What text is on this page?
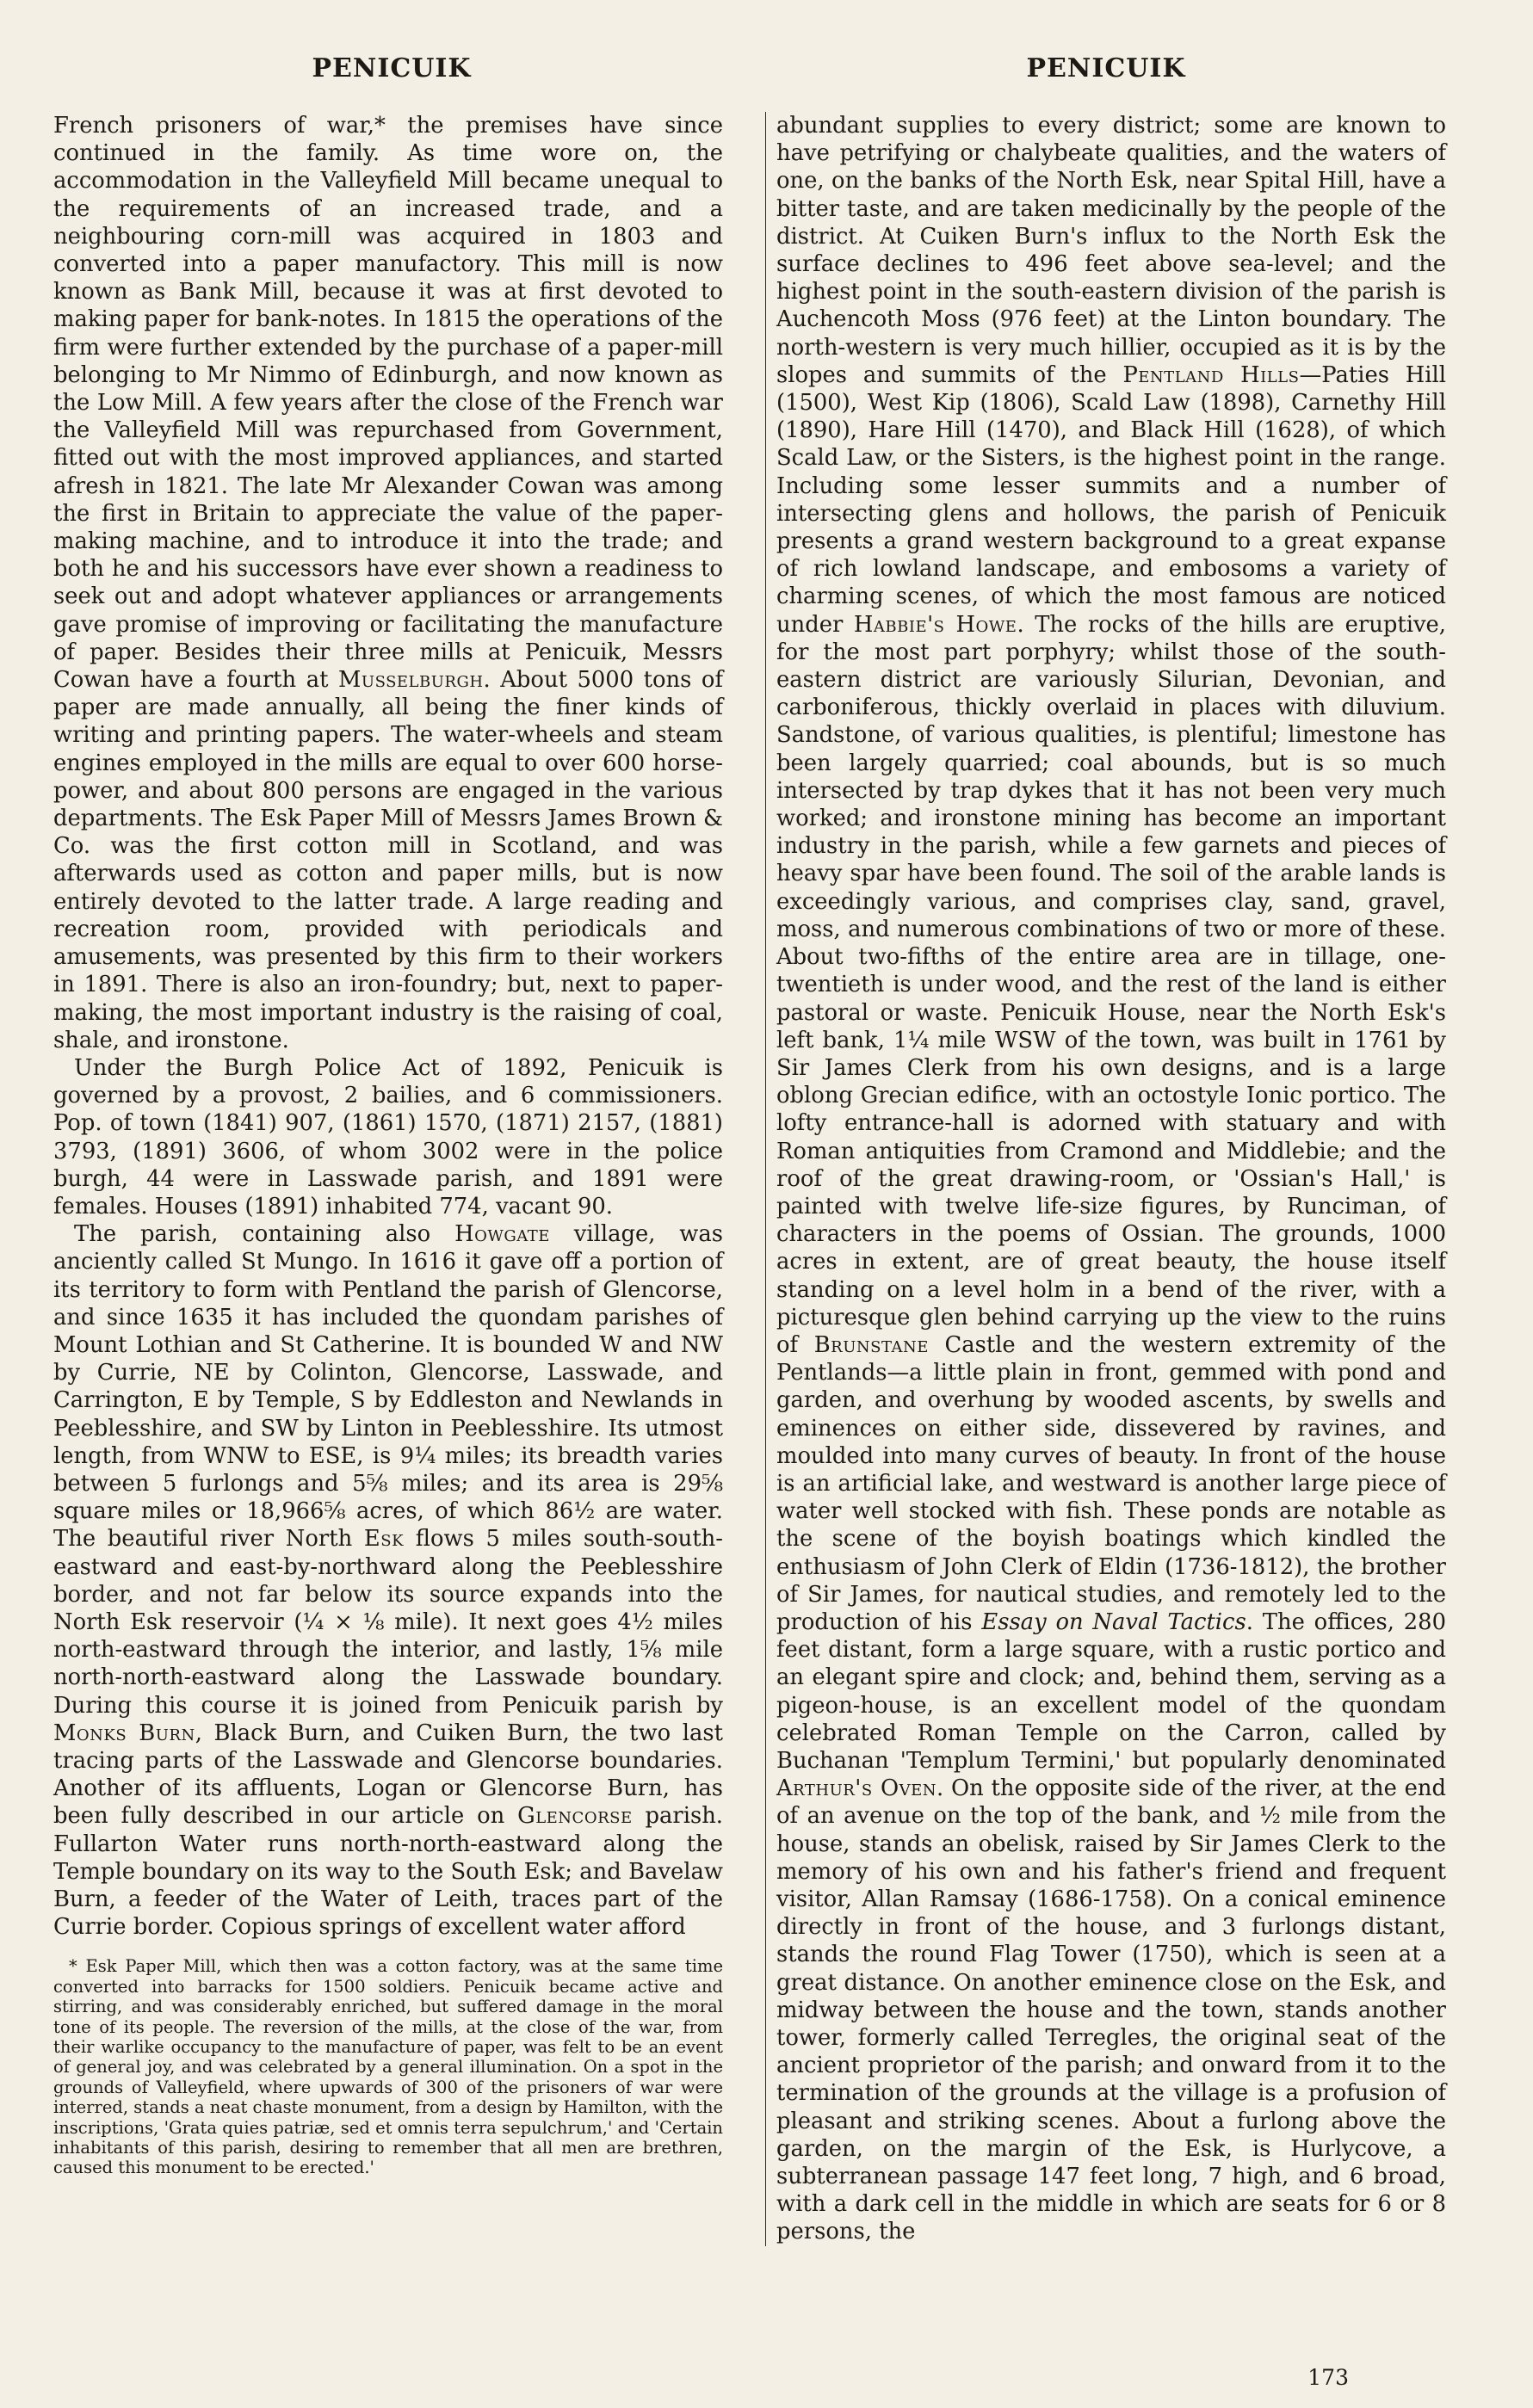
PENICUIK	PENICUIK

French prisoners of war,* the premises have since continued in the family. As time wore on, the accommodation in the Valleyfield Mill became unequal to the requirements of an increased trade, and a neighbouring corn-mill was acquired in 1803 and converted into a paper manufactory. This mill is now known as Bank Mill, because it was at first devoted to making paper for bank-notes. In 1815 the operations of the firm were further extended by the purchase of a paper-mill belonging to Mr Nimmo of Edinburgh, and now known as the Low Mill. A few years after the close of the French war the Valleyfield Mill was repurchased from Government, fitted out with the most improved appliances, and started afresh in 1821. The late Mr Alexander Cowan was among the first in Britain to appreciate the value of the paper-making machine, and to introduce it into the trade; and both he and his successors have ever shown a readiness to seek out and adopt whatever appliances or arrangements gave promise of improving or facilitating the manufacture of paper. Besides their three mills at Penicuik, Messrs Cowan have a fourth at Musselburgh. About 5000 tons of paper are made annually, all being the finer kinds of writing and printing papers. The water-wheels and steam engines employed in the mills are equal to over 600 horse-power, and about 800 persons are engaged in the various departments. The Esk Paper Mill of Messrs James Brown & Co. was the first cotton mill in Scotland, and was afterwards used as cotton and paper mills, but is now entirely devoted to the latter trade. A large reading and recreation room, provided with periodicals and amusements, was presented by this firm to their workers in 1891. There is also an iron-foundry; but, next to paper-making, the most important industry is the raising of coal, shale, and ironstone.

Under the Burgh Police Act of 1892, Penicuik is governed by a provost, 2 bailies, and 6 commissioners. Pop. of town (1841) 907, (1861) 1570, (1871) 2157, (1881) 3793, (1891) 3606, of whom 3002 were in the police burgh, 44 were in Lasswade parish, and 1891 were females. Houses (1891) inhabited 774, vacant 90.

The parish, containing also Howgate village, was anciently called St Mungo. In 1616 it gave off a portion of its territory to form with Pentland the parish of Glencorse, and since 1635 it has included the quondam parishes of Mount Lothian and St Catherine. It is bounded W and NW by Currie, NE by Colinton, Glencorse, Lasswade, and Carrington, E by Temple, S by Eddleston and Newlands in Peeblesshire, and SW by Linton in Peeblesshire. Its utmost length, from WNW to ESE, is 9¼ miles; its breadth varies between 5 furlongs and 5⅝ miles; and its area is 29⅝ square miles or 18,966⅝ acres, of which 86½ are water. The beautiful river North Esk flows 5 miles south-south-eastward and east-by-northward along the Peeblesshire border, and not far below its source expands into the North Esk reservoir (¼ × ⅛ mile). It next goes 4½ miles north-eastward through the interior, and lastly, 1⅝ mile north-north-eastward along the Lasswade boundary. During this course it is joined from Penicuik parish by Monks Burn, Black Burn, and Cuiken Burn, the two last tracing parts of the Lasswade and Glencorse boundaries. Another of its affluents, Logan or Glencorse Burn, has been fully described in our article on Glencorse parish. Fullarton Water runs north-north-eastward along the Temple boundary on its way to the South Esk; and Bavelaw Burn, a feeder of the Water of Leith, traces part of the Currie border. Copious springs of excellent water afford

* Esk Paper Mill, which then was a cotton factory, was at the same time converted into barracks for 1500 soldiers. Penicuik became active and stirring, and was considerably enriched, but suffered damage in the moral tone of its people. The reversion of the mills, at the close of the war, from their warlike occupancy to the manufacture of paper, was felt to be an event of general joy, and was celebrated by a general illumination. On a spot in the grounds of Valleyfield, where upwards of 300 of the prisoners of war were interred, stands a neat chaste monument, from a design by Hamilton, with the inscriptions, 'Grata quies patriæ, sed et omnis terra sepulchrum,' and 'Certain inhabitants of this parish, desiring to remember that all men are brethren, caused this monument to be erected.'

abundant supplies to every district; some are known to have petrifying or chalybeate qualities, and the waters of one, on the banks of the North Esk, near Spital Hill, have a bitter taste, and are taken medicinally by the people of the district. At Cuiken Burn's influx to the North Esk the surface declines to 496 feet above sea-level; and the highest point in the south-eastern division of the parish is Auchencoth Moss (976 feet) at the Linton boundary. The north-western is very much hillier, occupied as it is by the slopes and summits of the Pentland Hills—Paties Hill (1500), West Kip (1806), Scald Law (1898), Carnethy Hill (1890), Hare Hill (1470), and Black Hill (1628), of which Scald Law, or the Sisters, is the highest point in the range. Including some lesser summits and a number of intersecting glens and hollows, the parish of Penicuik presents a grand western background to a great expanse of rich lowland landscape, and embosoms a variety of charming scenes, of which the most famous are noticed under Habbie's Howe. The rocks of the hills are eruptive, for the most part porphyry; whilst those of the south-eastern district are variously Silurian, Devonian, and carboniferous, thickly overlaid in places with diluvium. Sandstone, of various qualities, is plentiful; limestone has been largely quarried; coal abounds, but is so much intersected by trap dykes that it has not been very much worked; and ironstone mining has become an important industry in the parish, while a few garnets and pieces of heavy spar have been found. The soil of the arable lands is exceedingly various, and comprises clay, sand, gravel, moss, and numerous combinations of two or more of these. About two-fifths of the entire area are in tillage, one-twentieth is under wood, and the rest of the land is either pastoral or waste. Penicuik House, near the North Esk's left bank, 1¼ mile WSW of the town, was built in 1761 by Sir James Clerk from his own designs, and is a large oblong Grecian edifice, with an octostyle Ionic portico. The lofty entrance-hall is adorned with statuary and with Roman antiquities from Cramond and Middlebie; and the roof of the great drawing-room, or 'Ossian's Hall,' is painted with twelve life-size figures, by Runciman, of characters in the poems of Ossian. The grounds, 1000 acres in extent, are of great beauty, the house itself standing on a level holm in a bend of the river, with a picturesque glen behind carrying up the view to the ruins of Brunstane Castle and the western extremity of the Pentlands—a little plain in front, gemmed with pond and garden, and overhung by wooded ascents, by swells and eminences on either side, dissevered by ravines, and moulded into many curves of beauty. In front of the house is an artificial lake, and westward is another large piece of water well stocked with fish. These ponds are notable as the scene of the boyish boatings which kindled the enthusiasm of John Clerk of Eldin (1736-1812), the brother of Sir James, for nautical studies, and remotely led to the production of his Essay on Naval Tactics. The offices, 280 feet distant, form a large square, with a rustic portico and an elegant spire and clock; and, behind them, serving as a pigeon-house, is an excellent model of the quondam celebrated Roman Temple on the Carron, called by Buchanan 'Templum Termini,' but popularly denominated Arthur's Oven. On the opposite side of the river, at the end of an avenue on the top of the bank, and ½ mile from the house, stands an obelisk, raised by Sir James Clerk to the memory of his own and his father's friend and frequent visitor, Allan Ramsay (1686-1758). On a conical eminence directly in front of the house, and 3 furlongs distant, stands the round Flag Tower (1750), which is seen at a great distance. On another eminence close on the Esk, and midway between the house and the town, stands another tower, formerly called Terregles, the original seat of the ancient proprietor of the parish; and onward from it to the termination of the grounds at the village is a profusion of pleasant and striking scenes. About a furlong above the garden, on the margin of the Esk, is Hurlycove, a subterranean passage 147 feet long, 7 high, and 6 broad, with a dark cell in the middle in which are seats for 6 or 8 persons, the

173
